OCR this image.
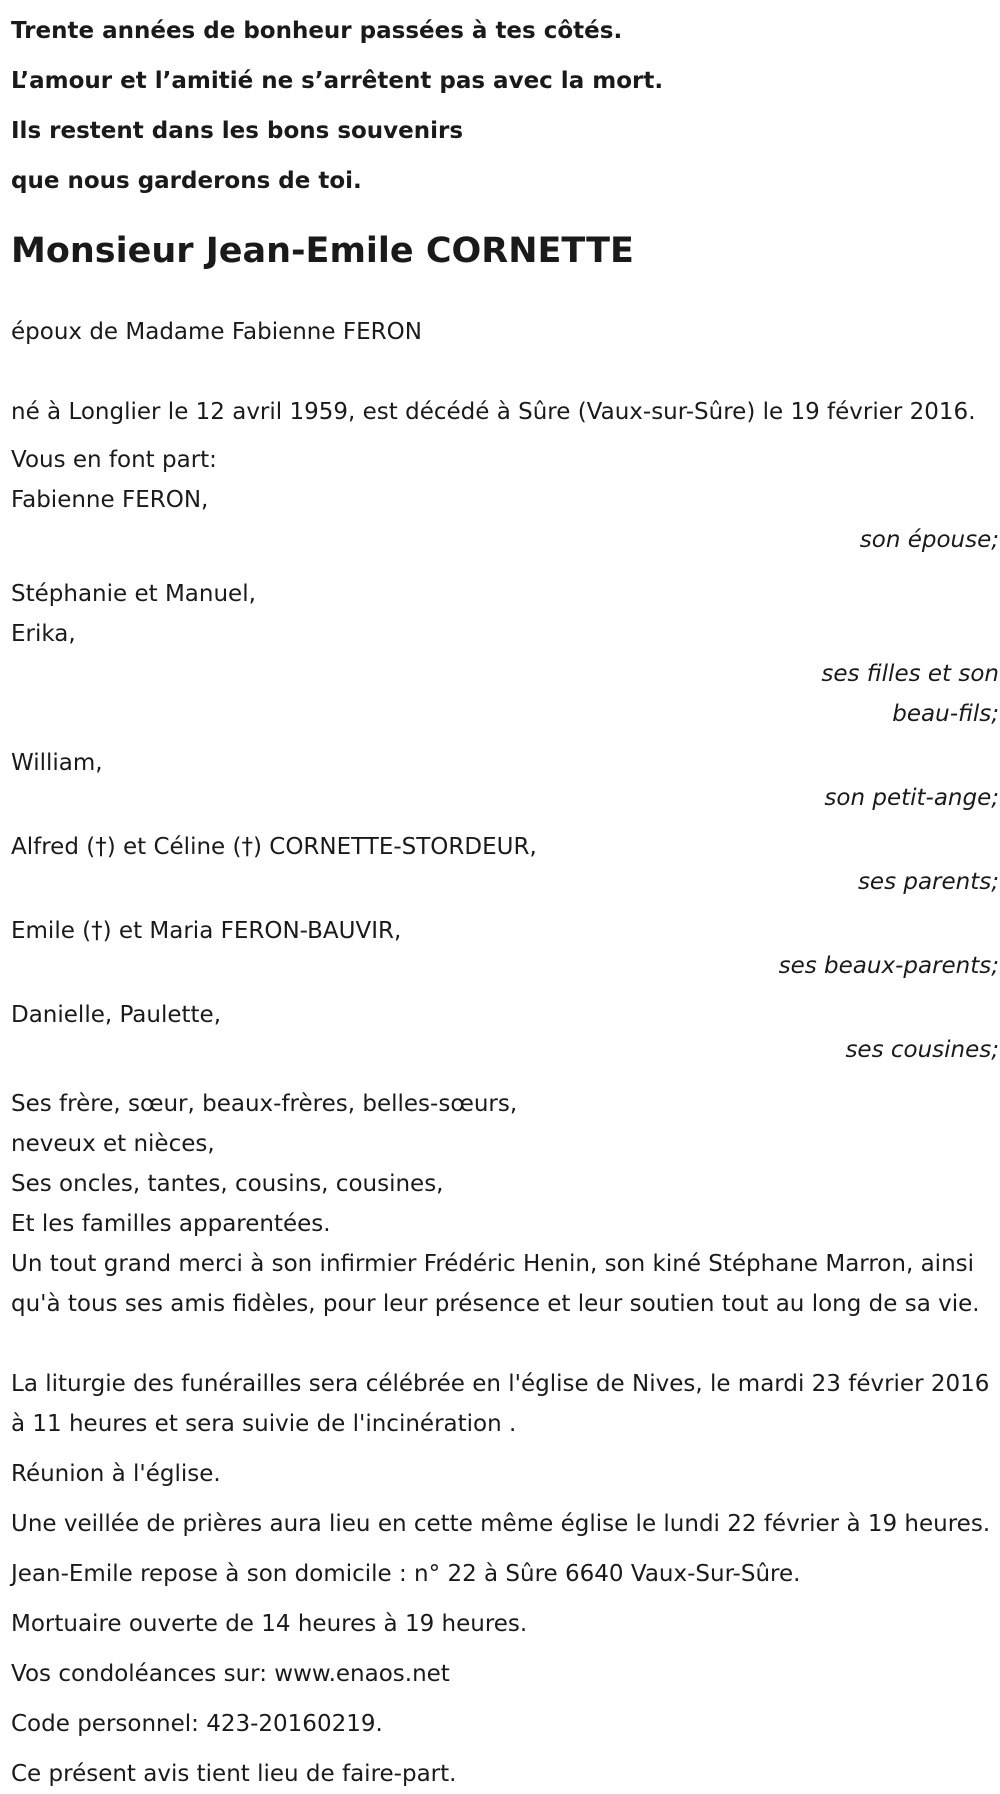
Trente années de bonheur passées à tes côtés.
L’amour et l’amitié ne s’arrêtent pas avec la mort.
Ils restent dans les bons souvenirs
que nous garderons de toi.
Monsieur Jean-Emile CORNETTE
époux de Madame Fabienne FERON
né à Longlier le 12 avril 1959, est décédé à Sûre (Vaux-sur-Sûre) le 19 février 2016.
Vous en font part:
Fabienne FERON,
son épouse;
Stéphanie et Manuel,
Erika,
ses filles et son beau-fils;
William,
son petit-ange;
Alfred (†) et Céline (†) CORNETTE-STORDEUR,
ses parents;
Emile (†) et Maria FERON-BAUVIR,
ses beaux-parents;
Danielle, Paulette,
ses cousines;
Ses frère, sœur, beaux-frères, belles-sœurs,
neveux et nièces,
Ses oncles, tantes, cousins, cousines,
Et les familles apparentées.
Un tout grand merci à son infirmier Frédéric Henin, son kiné Stéphane Marron, ainsi qu'à tous ses amis fidèles, pour leur présence et leur soutien tout au long de sa vie.
La liturgie des funérailles sera célébrée en l'église de Nives, le mardi 23 février 2016 à 11 heures et sera suivie de l'incinération .
Réunion à l'église.
Une veillée de prières aura lieu en cette même église le lundi 22 février à 19 heures.
Jean-Emile repose à son domicile : n° 22 à Sûre 6640 Vaux-Sur-Sûre.
Mortuaire ouverte de 14 heures à 19 heures.
Vos condoléances sur: www.enaos.net
Code personnel: 423-20160219.
Ce présent avis tient lieu de faire-part.
